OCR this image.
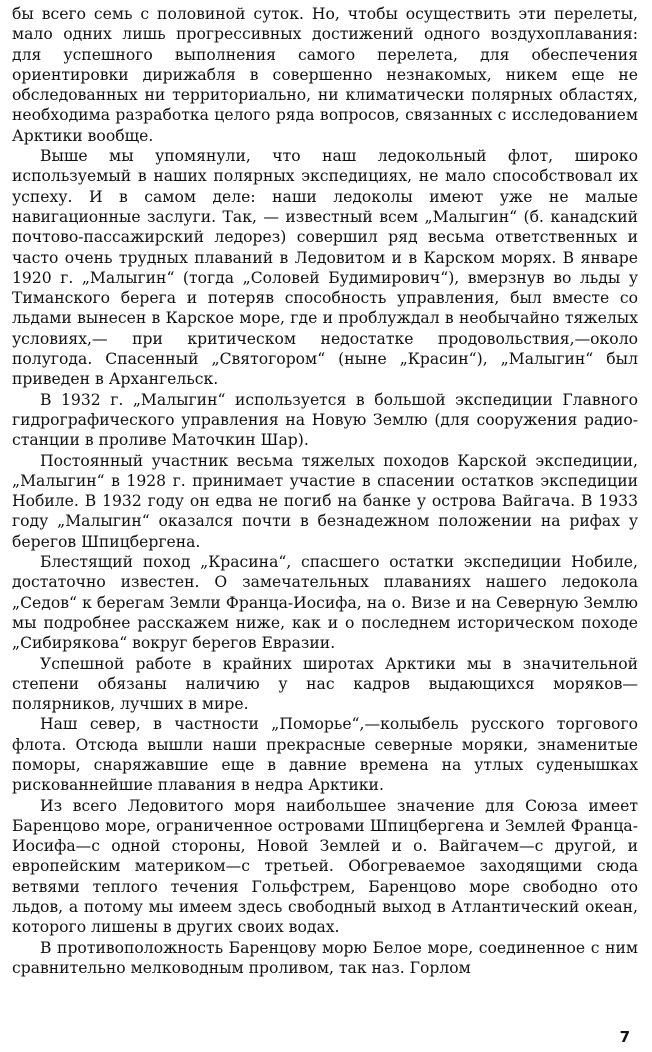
бы всего семь с половиной суток. Но, чтобы осуществить эти перелеты, мало одних лишь прогрессивных достижений одного воздухоплавания: для успешного выполнения самого перелета, для обеспечения ориентировки дирижабля в совершенно незнакомых, никем еще не обследованных ни территориально, ни климатически полярных областях, необходима разработка целого ряда вопросов, связанных с исследованием Арктики вообще.

Выше мы упомянули, что наш ледокольный флот, широко используемый в наших полярных экспедициях, не мало способствовал их успеху. И в самом деле: наши ледоколы имеют уже не малые навигационные заслуги. Так, — известный всем „Малыгин“ (б. канадский почтово-пассажирский ледорез) совершил ряд весьма ответственных и часто очень трудных плаваний в Ледовитом и в Карском морях. В январе 1920 г. „Малыгин“ (тогда „Соловей Будимирович“), вмерзнув во льды у Тиманского берега и потеряв способность управления, был вместе со льдами вынесен в Карское море, где и проблуждал в необычайно тяжелых условиях,— при критическом недостатке продовольствия,—около полугода. Спасенный „Святогором“ (ныне „Красин“), „Малыгин“ был приведен в Архангельск.

В 1932 г. „Малыгин“ используется в большой экспедиции Главного гидрографического управления на Новую Землю (для сооружения радио-станции в проливе Маточкин Шар).

Постоянный участник весьма тяжелых походов Карской экспедиции, „Малыгин“ в 1928 г. принимает участие в спасении остатков экспедиции Нобиле. В 1932 году он едва не погиб на банке у острова Вайгача. В 1933 году „Малыгин“ оказался почти в безнадежном положении на рифах у берегов Шпицбергена.

Блестящий поход „Красина“, спасшего остатки экспедиции Нобиле, достаточно известен. О замечательных плаваниях нашего ледокола „Седов“ к берегам Земли Франца-Иосифа, на о. Визе и на Северную Землю мы подробнее расскажем ниже, как и о последнем историческом походе „Сибирякова“ вокруг берегов Евразии.

Успешной работе в крайних широтах Арктики мы в значительной степени обязаны наличию у нас кадров выдающихся моряков—полярников, лучших в мире.

Наш север, в частности „Поморье“,—колыбель русского торгового флота. Отсюда вышли наши прекрасные северные моряки, знаменитые поморы, снаряжавшие еще в давние времена на утлых суденышках рискованнейшие плавания в недра Арктики.

Из всего Ледовитого моря наибольшее значение для Союза имеет Баренцово море, ограниченное островами Шпицбергена и Землей Франца-Иосифа—с одной стороны, Новой Землей и о. Вайгачем—с другой, и европейским материком—с третьей. Обогреваемое заходящими сюда ветвями теплого течения Гольфстрем, Баренцово море свободно ото льдов, а потому мы имеем здесь свободный выход в Атлантический океан, которого лишены в других своих водах.

В противоположность Баренцову морю Белое море, соединенное с ним сравнительно мелководным проливом, так наз. Горлом

7
